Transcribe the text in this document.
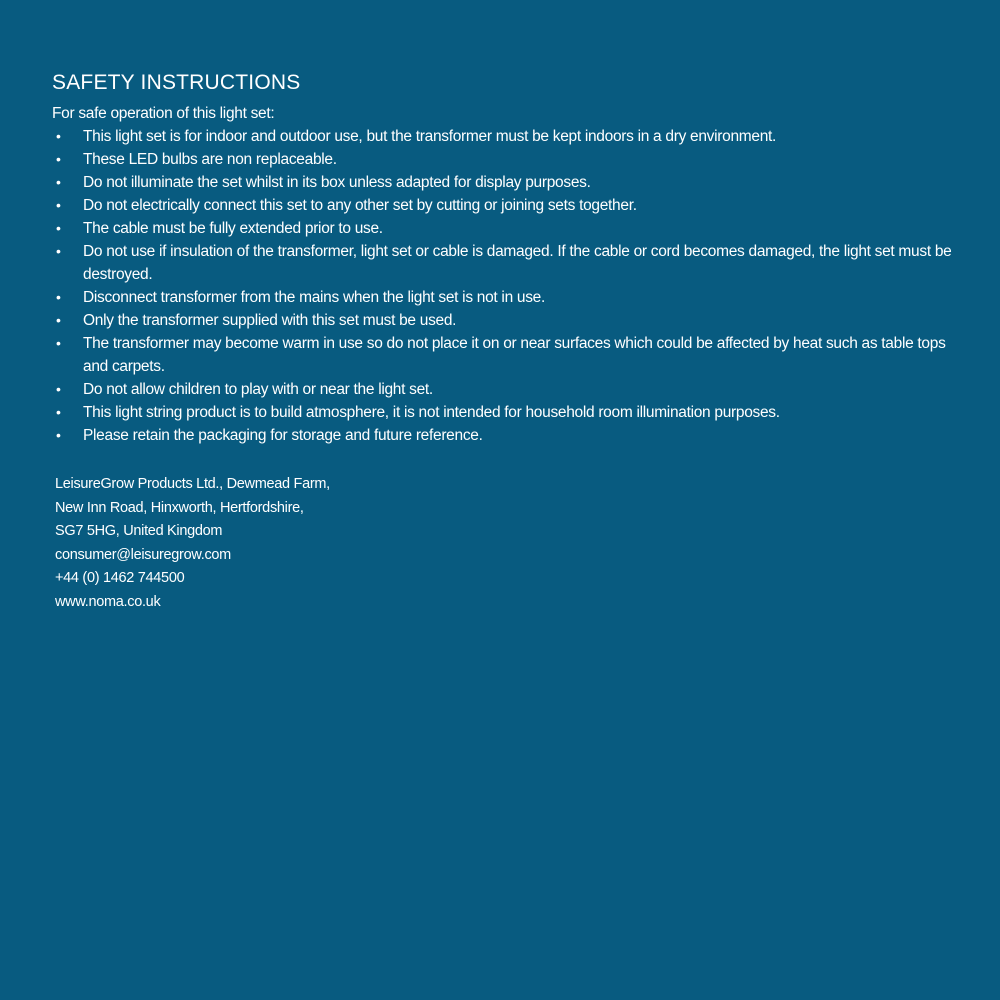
SAFETY INSTRUCTIONS

For safe operation of this light set:

•	This light set is for indoor and outdoor use, but the transformer must be kept indoors in a dry environment.
•	These LED bulbs are non replaceable.
•	Do not illuminate the set whilst in its box unless adapted for display purposes.
•	Do not electrically connect this set to any other set by cutting or joining sets together.
•	The cable must be fully extended prior to use.
•	Do not use if insulation of the transformer, light set or cable is damaged. If the cable or cord becomes damaged, the light set must be destroyed.
•	Disconnect transformer from the mains when the light set is not in use.
•	Only the transformer supplied with this set must be used.
•	The transformer may become warm in use so do not place it on or near surfaces which could be affected by heat such as table tops and carpets.
•	Do not allow children to play with or near the light set.
•	This light string product is to build atmosphere, it is not intended for household room illumination purposes.
•	Please retain the packaging for storage and future reference.
LeisureGrow Products Ltd., Dewmead Farm,
New Inn Road, Hinxworth, Hertfordshire,
SG7 5HG, United Kingdom
consumer@leisuregrow.com
+44 (0) 1462 744500
www.noma.co.uk
